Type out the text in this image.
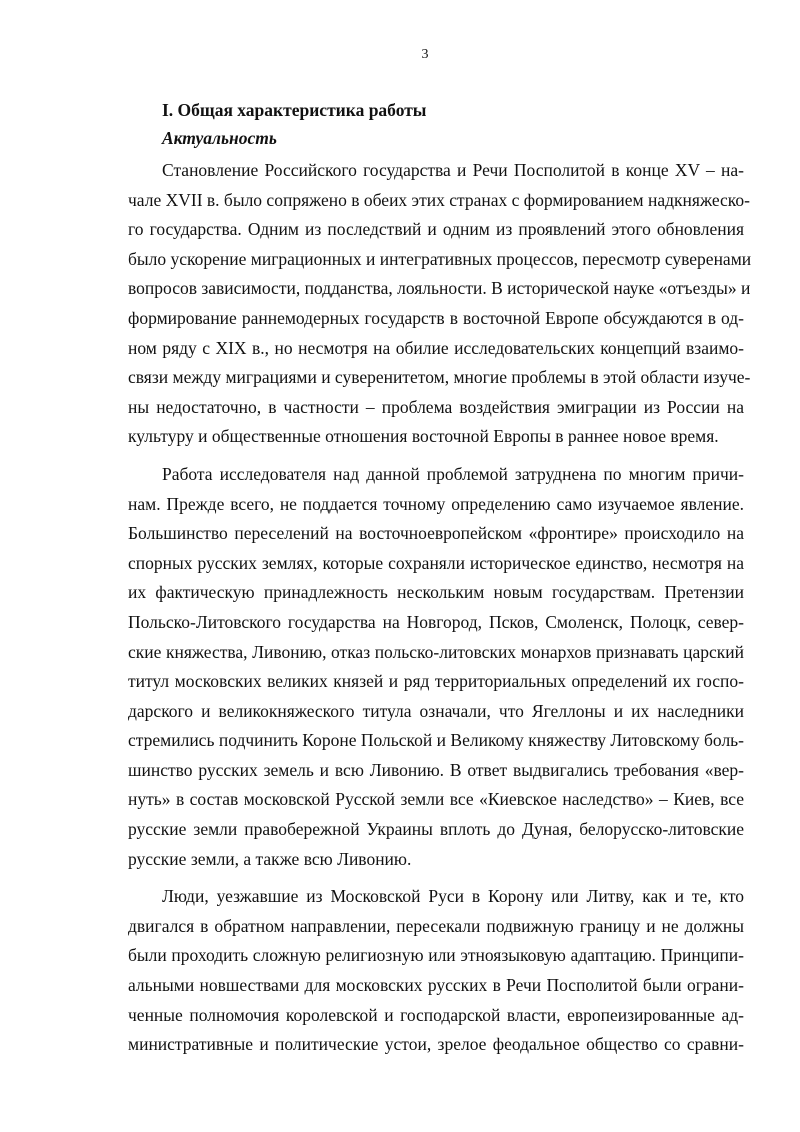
3
I. Общая характеристика работы
Актуальность
Становление Российского государства и Речи Посполитой в конце XV – на-
чале XVII в. было сопряжено в обеих этих странах с формированием надкняжеско-
го государства. Одним из последствий и одним из проявлений этого обновления
было ускорение миграционных и интегративных процессов, пересмотр суверенами
вопросов зависимости, подданства, лояльности. В исторической науке «отъезды» и
формирование раннемодерных государств в восточной Европе обсуждаются в од-
ном ряду с XIX в., но несмотря на обилие исследовательских концепций взаимо-
связи между миграциями и суверенитетом, многие проблемы в этой области изуче-
ны недостаточно, в частности – проблема воздействия эмиграции из России на
культуру и общественные отношения восточной Европы в раннее новое время.
Работа исследователя над данной проблемой затруднена по многим причи-
нам. Прежде всего, не поддается точному определению само изучаемое явление.
Большинство переселений на восточноевропейском «фронтире» происходило на
спорных русских землях, которые сохраняли историческое единство, несмотря на
их фактическую принадлежность нескольким новым государствам. Претензии
Польско-Литовского государства на Новгород, Псков, Смоленск, Полоцк, север-
ские княжества, Ливонию, отказ польско-литовских монархов признавать царский
титул московских великих князей и ряд территориальных определений их госпо-
дарского и великокняжеского титула означали, что Ягеллоны и их наследники
стремились подчинить Короне Польской и Великому княжеству Литовскому боль-
шинство русских земель и всю Ливонию. В ответ выдвигались требования «вер-
нуть» в состав московской Русской земли все «Киевское наследство» – Киев, все
русские земли правобережной Украины вплоть до Дуная, белорусско-литовские
русские земли, а также всю Ливонию.
Люди, уезжавшие из Московской Руси в Корону или Литву, как и те, кто
двигался в обратном направлении, пересекали подвижную границу и не должны
были проходить сложную религиозную или этноязыковую адаптацию. Принципи-
альными новшествами для московских русских в Речи Посполитой были ограни-
ченные полномочия королевской и господарской власти, европеизированные ад-
министративные и политические устои, зрелое феодальное общество со сравни-
